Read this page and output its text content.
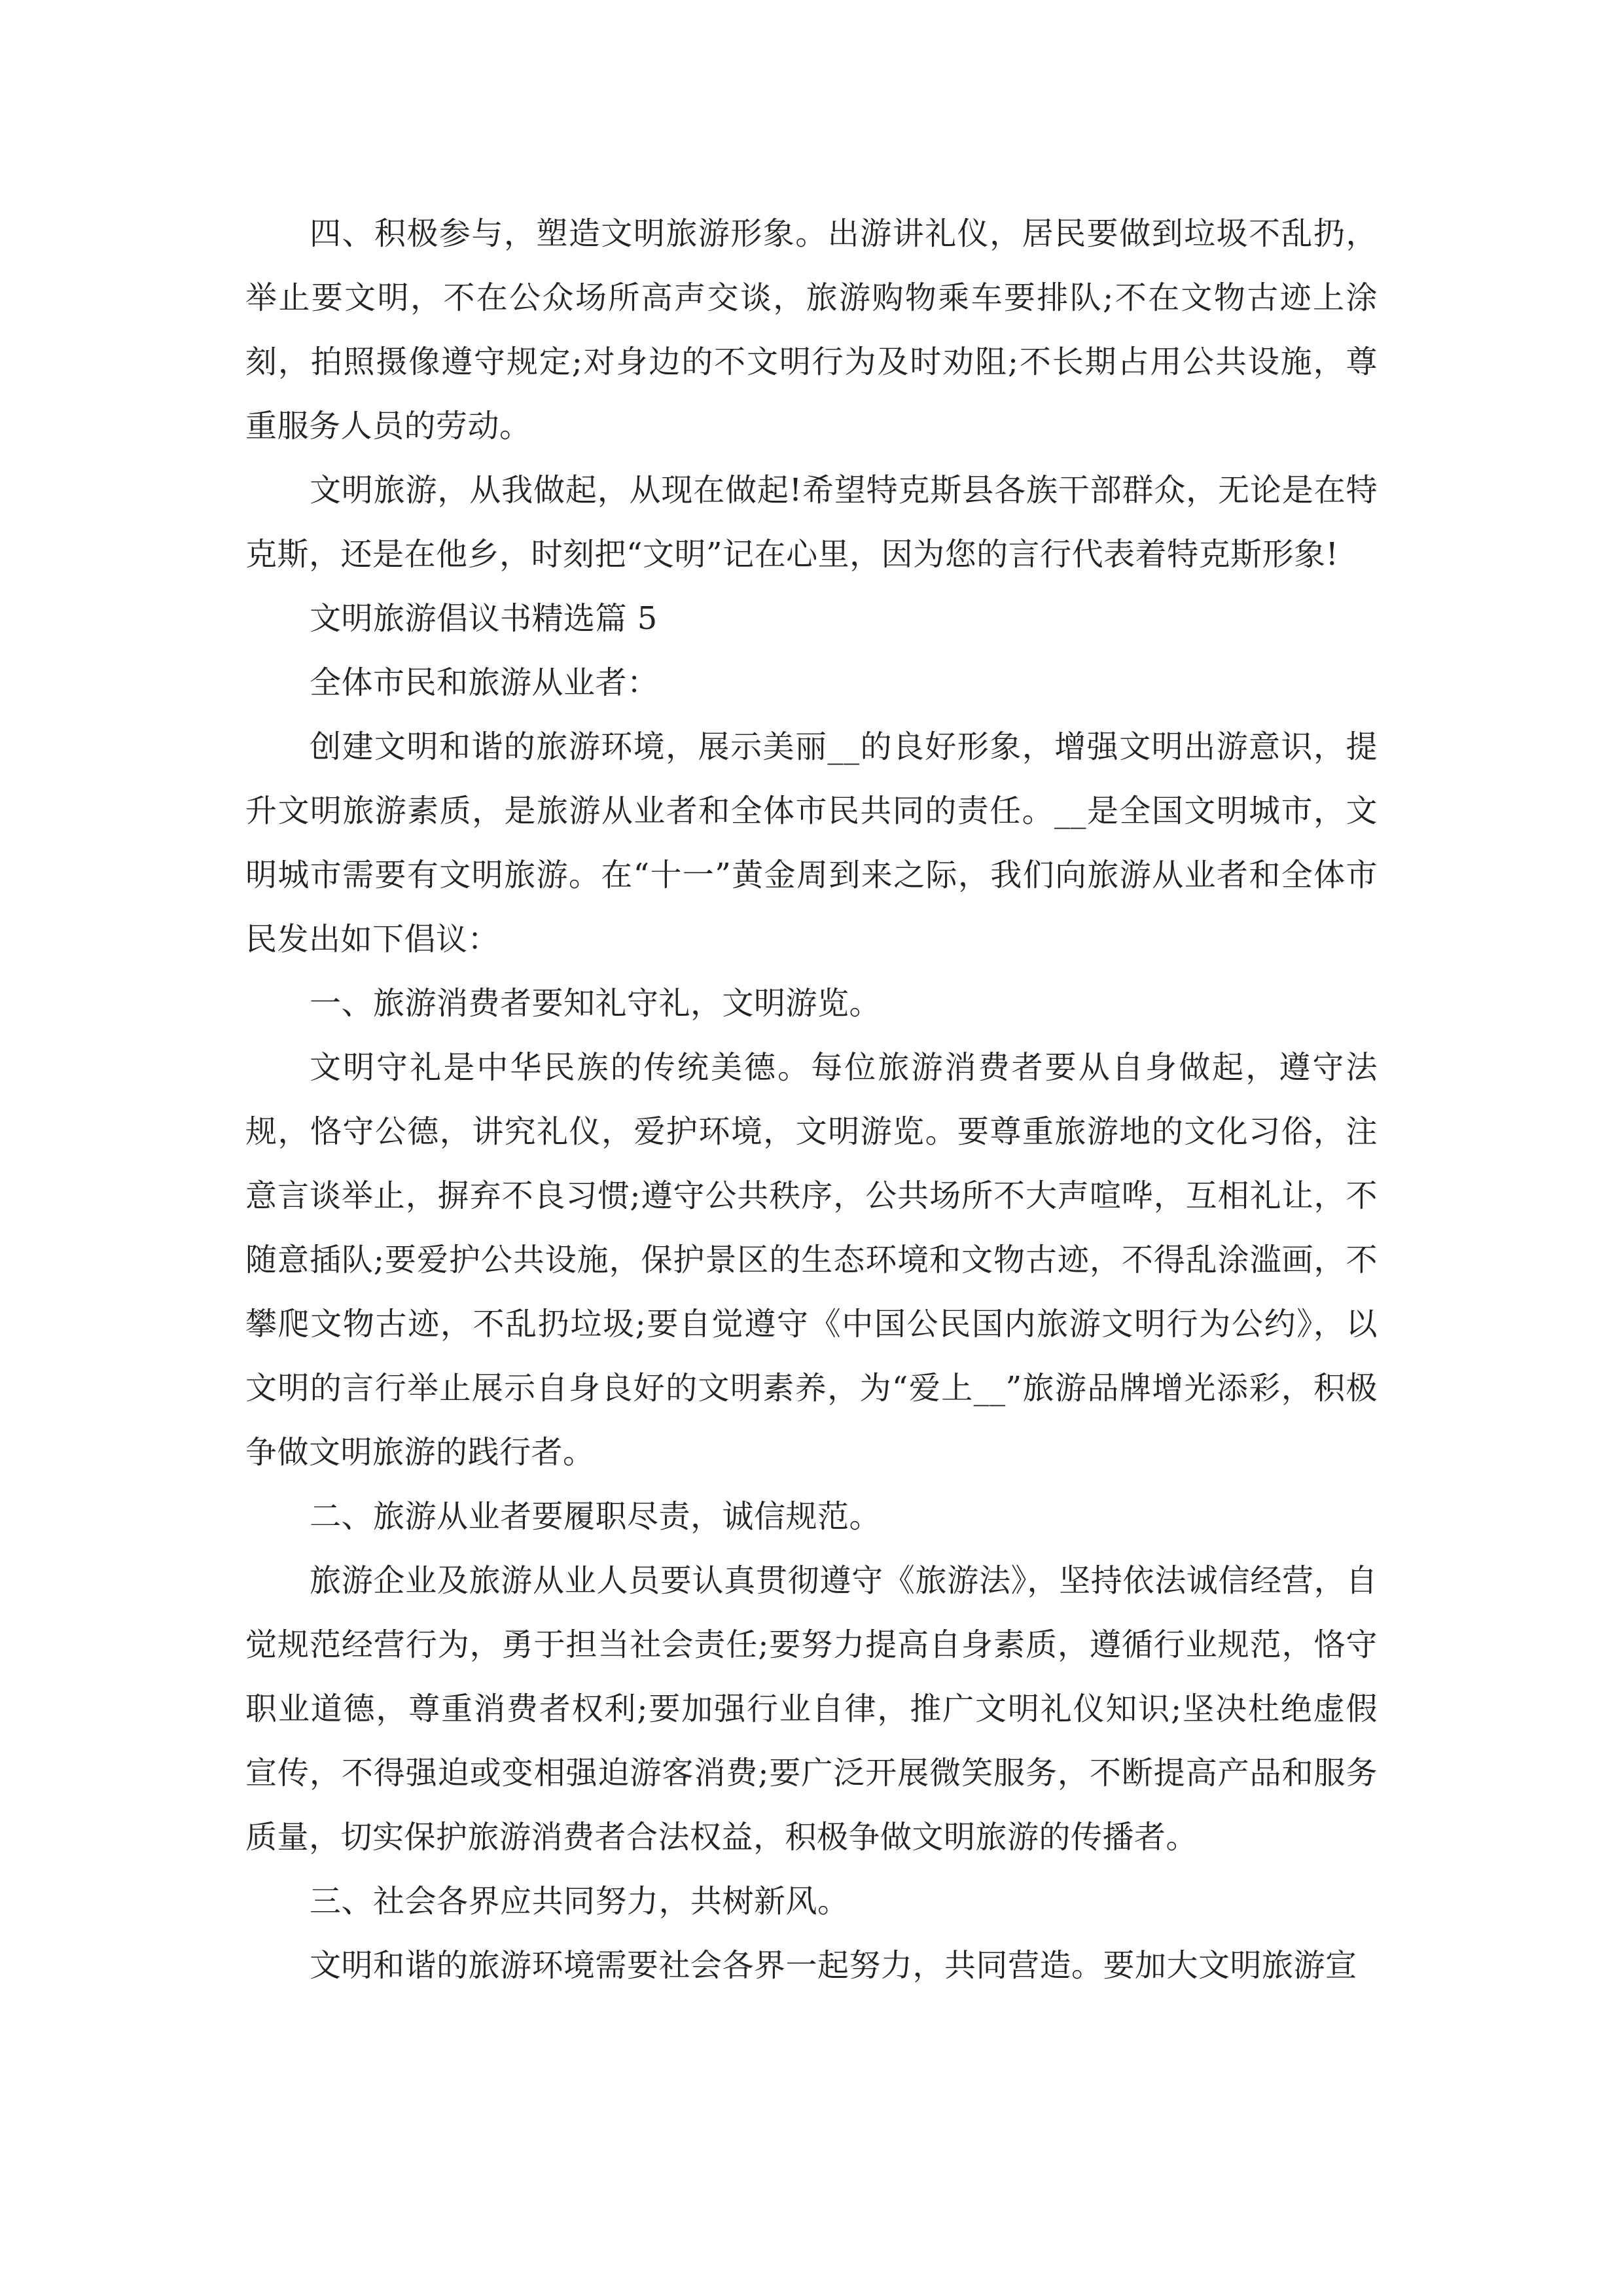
四、积极参与，塑造文明旅游形象。出游讲礼仪，居民要做到垃圾不乱扔，举止要文明，不在公众场所高声交谈，旅游购物乘车要排队;不在文物古迹上涂刻，拍照摄像遵守规定;对身边的不文明行为及时劝阻;不长期占用公共设施，尊重服务人员的劳动。

文明旅游，从我做起，从现在做起!希望特克斯县各族干部群众，无论是在特克斯，还是在他乡，时刻把“文明”记在心里，因为您的言行代表着特克斯形象!

文明旅游倡议书精选篇 5

全体市民和旅游从业者：

创建文明和谐的旅游环境，展示美丽__的良好形象，增强文明出游意识，提升文明旅游素质，是旅游从业者和全体市民共同的责任。__是全国文明城市，文明城市需要有文明旅游。在“十一”黄金周到来之际，我们向旅游从业者和全体市民发出如下倡议：

一、旅游消费者要知礼守礼，文明游览。

文明守礼是中华民族的传统美德。每位旅游消费者要从自身做起，遵守法规，恪守公德，讲究礼仪，爱护环境，文明游览。要尊重旅游地的文化习俗，注意言谈举止，摒弃不良习惯;遵守公共秩序，公共场所不大声喧哗，互相礼让，不随意插队;要爱护公共设施，保护景区的生态环境和文物古迹，不得乱涂滥画，不攀爬文物古迹，不乱扔垃圾;要自觉遵守《中国公民国内旅游文明行为公约》，以文明的言行举止展示自身良好的文明素养，为“爱上__”旅游品牌增光添彩，积极争做文明旅游的践行者。

二、旅游从业者要履职尽责，诚信规范。

旅游企业及旅游从业人员要认真贯彻遵守《旅游法》，坚持依法诚信经营，自觉规范经营行为，勇于担当社会责任;要努力提高自身素质，遵循行业规范，恪守职业道德，尊重消费者权利;要加强行业自律，推广文明礼仪知识;坚决杜绝虚假宣传，不得强迫或变相强迫游客消费;要广泛开展微笑服务，不断提高产品和服务质量，切实保护旅游消费者合法权益，积极争做文明旅游的传播者。

三、社会各界应共同努力，共树新风。

文明和谐的旅游环境需要社会各界一起努力，共同营造。要加大文明旅游宣
